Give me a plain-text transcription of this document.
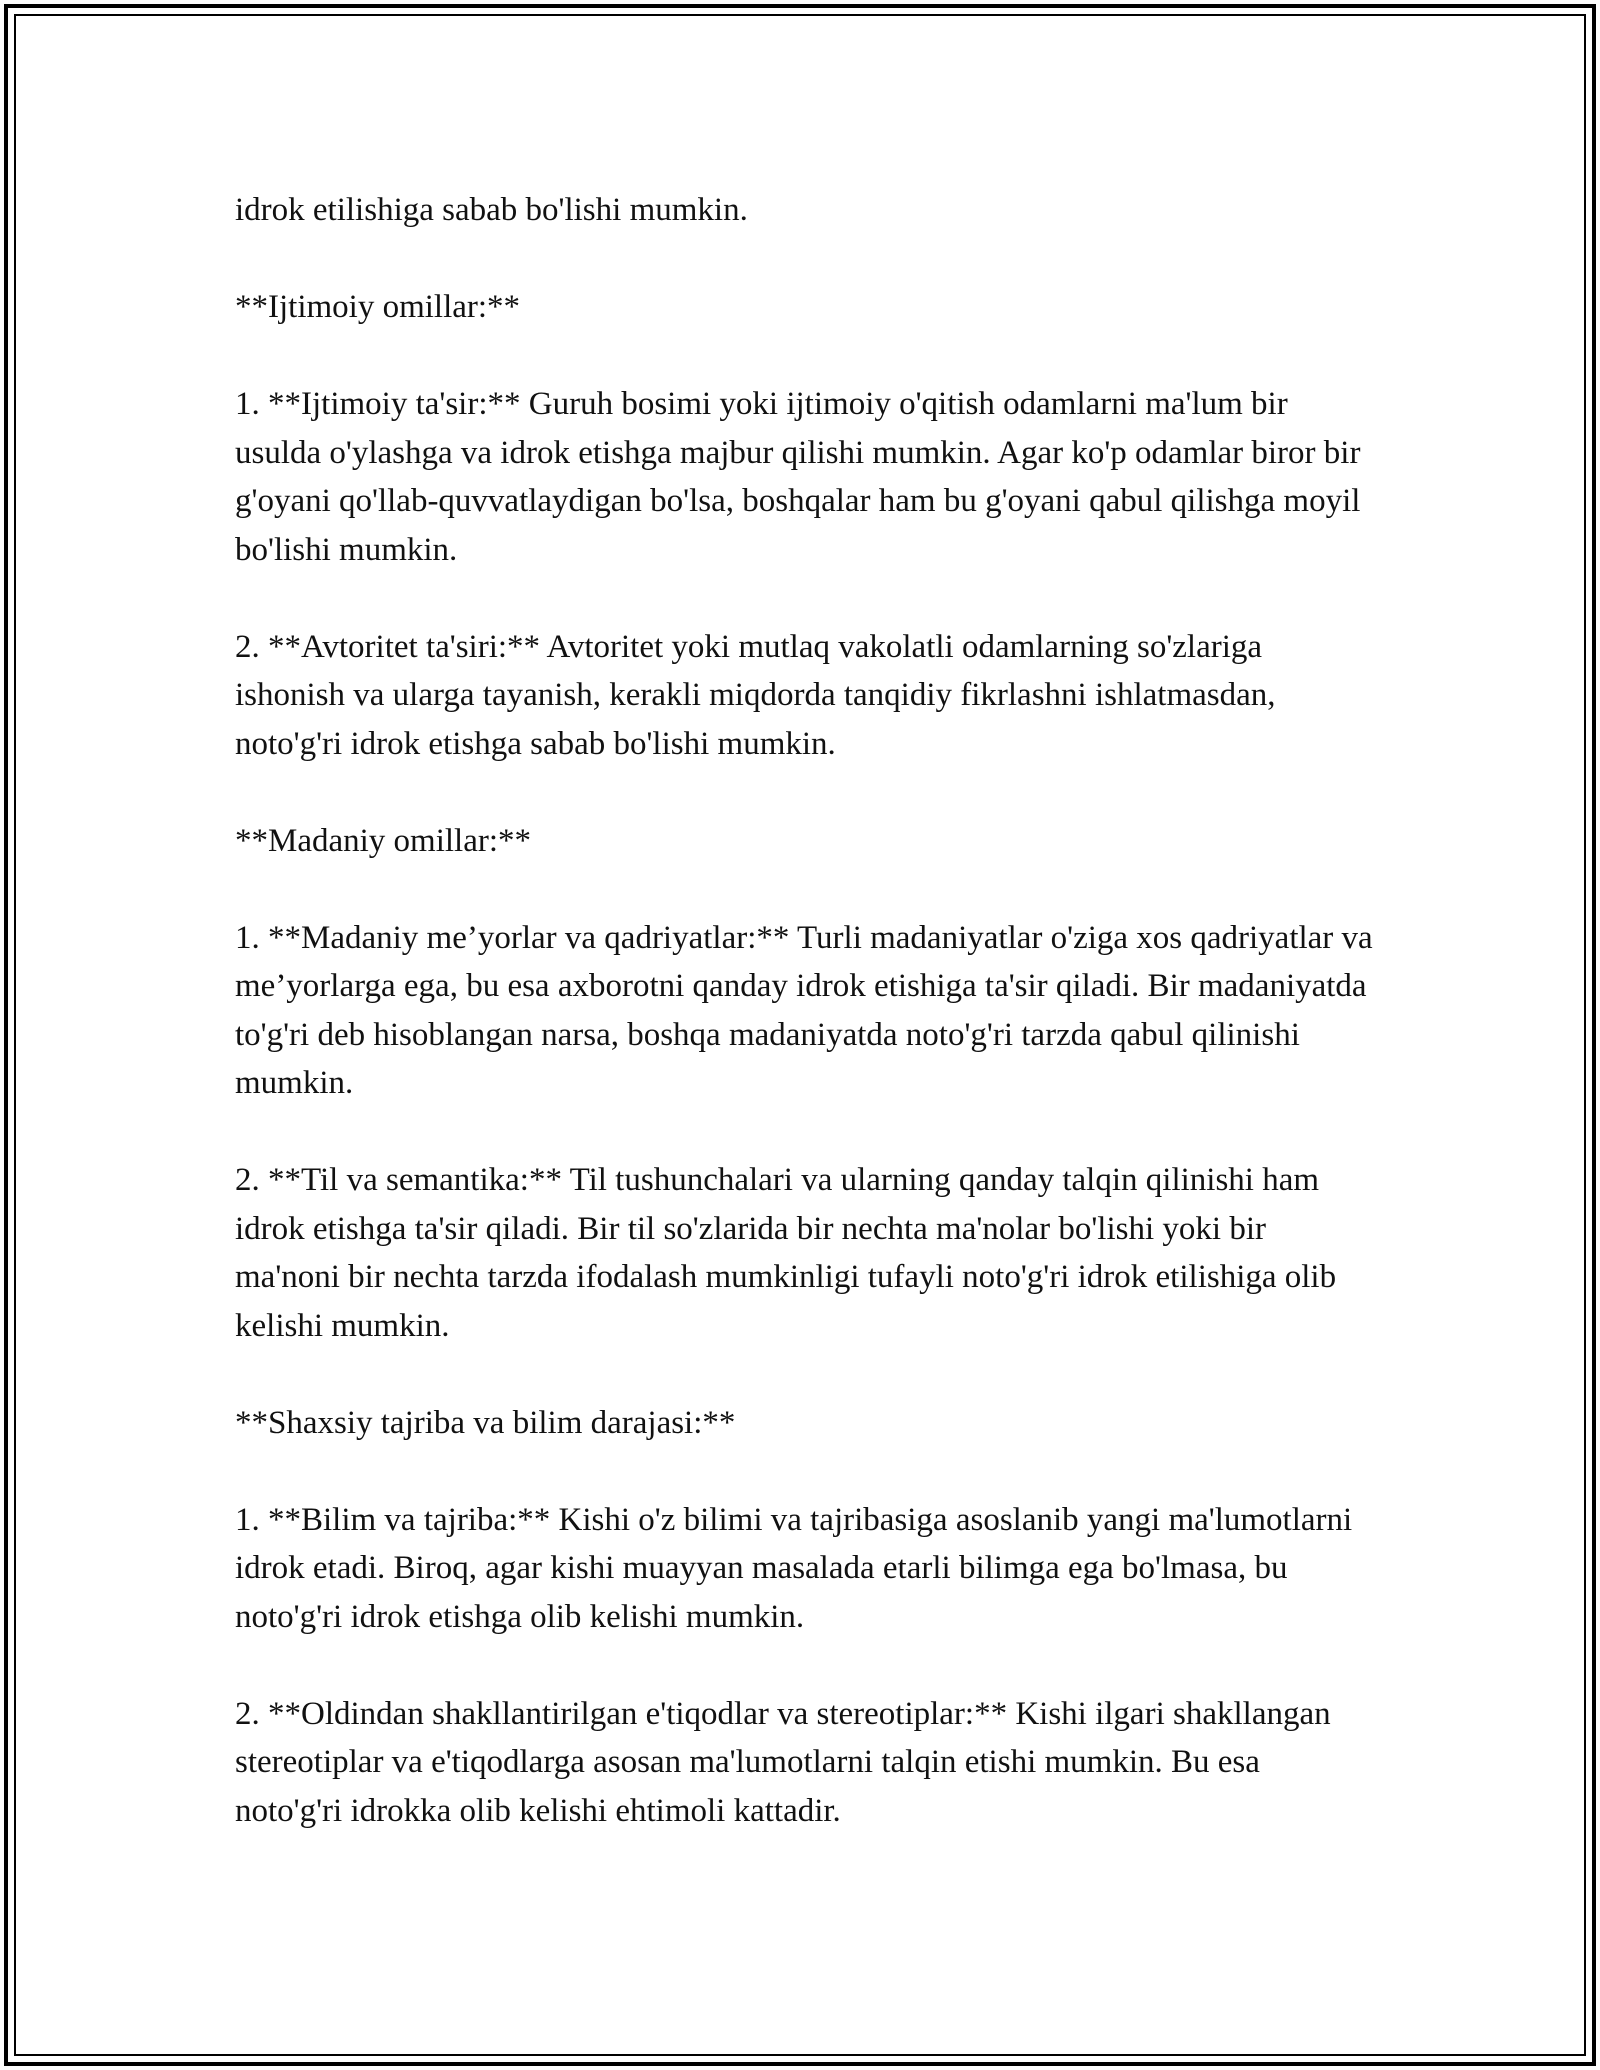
idrok etilishiga sabab bo'lishi mumkin.

**Ijtimoiy omillar:**

1. **Ijtimoiy ta'sir:** Guruh bosimi yoki ijtimoiy o'qitish odamlarni ma'lum bir usulda o'ylashga va idrok etishga majbur qilishi mumkin. Agar ko'p odamlar biror bir g'oyani qo'llab-quvvatlaydigan bo'lsa, boshqalar ham bu g'oyani qabul qilishga moyil bo'lishi mumkin.

2. **Avtoritet ta'siri:** Avtoritet yoki mutlaq vakolatli odamlarning so'zlariga ishonish va ularga tayanish, kerakli miqdorda tanqidiy fikrlashni ishlatmasdan, noto'g'ri idrok etishga sabab bo'lishi mumkin.

**Madaniy omillar:**

1. **Madaniy me’yorlar va qadriyatlar:** Turli madaniyatlar o'ziga xos qadriyatlar va me’yorlarga ega, bu esa axborotni qanday idrok etishiga ta'sir qiladi. Bir madaniyatda to'g'ri deb hisoblangan narsa, boshqa madaniyatda noto'g'ri tarzda qabul qilinishi mumkin.

2. **Til va semantika:** Til tushunchalari va ularning qanday talqin qilinishi ham idrok etishga ta'sir qiladi. Bir til so'zlarida bir nechta ma'nolar bo'lishi yoki bir ma'noni bir nechta tarzda ifodalash mumkinligi tufayli noto'g'ri idrok etilishiga olib kelishi mumkin.

**Shaxsiy tajriba va bilim darajasi:**

1. **Bilim va tajriba:** Kishi o'z bilimi va tajribasiga asoslanib yangi ma'lumotlarni idrok etadi. Biroq, agar kishi muayyan masalada etarli bilimga ega bo'lmasa, bu noto'g'ri idrok etishga olib kelishi mumkin.

2. **Oldindan shakllantirilgan e'tiqodlar va stereotiplar:** Kishi ilgari shakllangan stereotiplar va e'tiqodlarga asosan ma'lumotlarni talqin etishi mumkin. Bu esa noto'g'ri idrokka olib kelishi ehtimoli kattadir.
